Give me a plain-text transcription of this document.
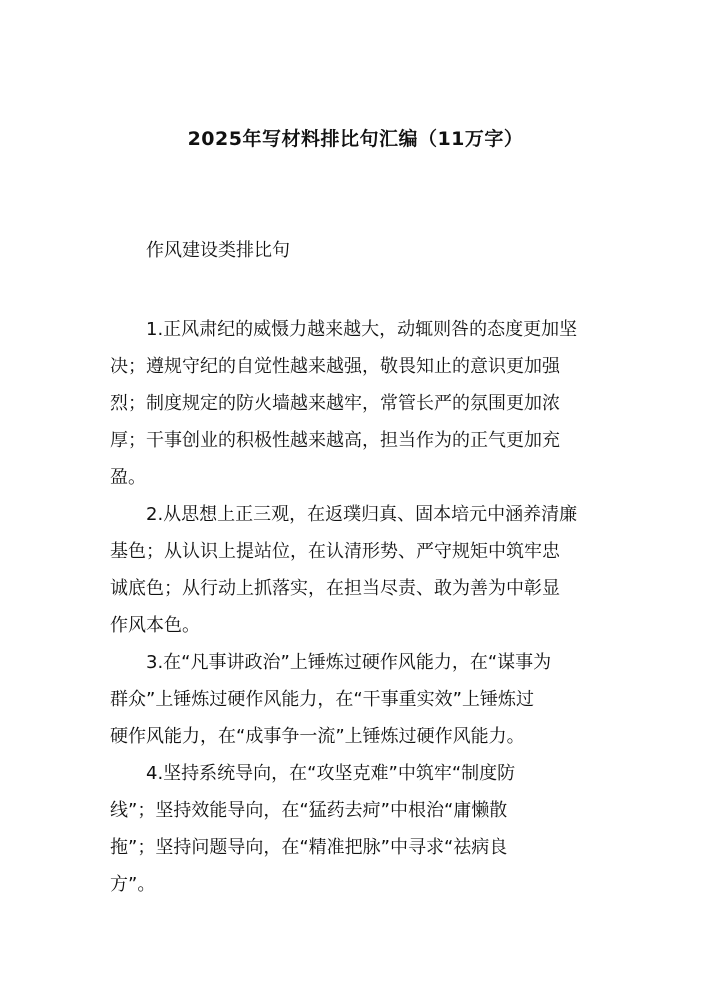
2025年写材料排比句汇编（11万字）
作风建设类排比句
1.正风肃纪的威慑力越来越大，动辄则咎的态度更加坚
决；遵规守纪的自觉性越来越强，敬畏知止的意识更加强
烈；制度规定的防火墙越来越牢，常管长严的氛围更加浓
厚；干事创业的积极性越来越高，担当作为的正气更加充
盈。
2.从思想上正三观，在返璞归真、固本培元中涵养清廉
基色；从认识上提站位，在认清形势、严守规矩中筑牢忠
诚底色；从行动上抓落实，在担当尽责、敢为善为中彰显
作风本色。
3.在“凡事讲政治”上锤炼过硬作风能力，在“谋事为
群众”上锤炼过硬作风能力，在“干事重实效”上锤炼过
硬作风能力，在“成事争一流”上锤炼过硬作风能力。
4.坚持系统导向，在“攻坚克难”中筑牢“制度防
线”；坚持效能导向，在“猛药去疴”中根治“庸懒散
拖”；坚持问题导向，在“精准把脉”中寻求“祛病良
方”。
